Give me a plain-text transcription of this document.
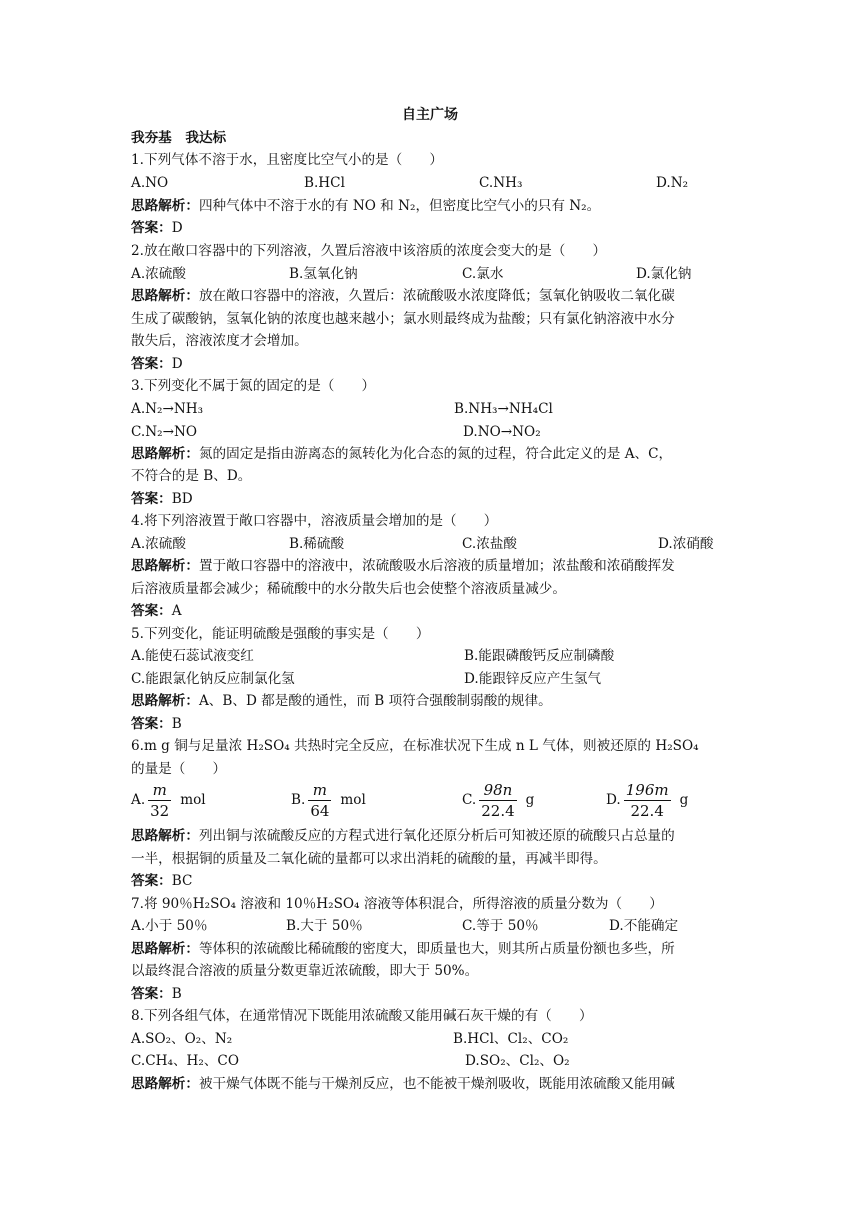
自主广场
我夯基　我达标
1.下列气体不溶于水，且密度比空气小的是（　　）
A.NO	B.HCl	C.NH₃	D.N₂
思路解析：四种气体中不溶于水的有 NO 和 N₂，但密度比空气小的只有 N₂。
答案：D
2.放在敞口容器中的下列溶液，久置后溶液中该溶质的浓度会变大的是（　　）
A.浓硫酸	B.氢氧化钠	C.氯水	D.氯化钠
思路解析：放在敞口容器中的溶液，久置后：浓硫酸吸水浓度降低；氢氧化钠吸收二氧化碳
生成了碳酸钠，氢氧化钠的浓度也越来越小；氯水则最终成为盐酸；只有氯化钠溶液中水分
散失后，溶液浓度才会增加。
答案：D
3.下列变化不属于氮的固定的是（　　）
A.N₂→NH₃	B.NH₃→NH₄Cl
C.N₂→NO	D.NO→NO₂
思路解析：氮的固定是指由游离态的氮转化为化合态的氮的过程，符合此定义的是 A、C，
不符合的是 B、D。
答案：BD
4.将下列溶液置于敞口容器中，溶液质量会增加的是（　　）
A.浓硫酸	B.稀硫酸	C.浓盐酸	D.浓硝酸
思路解析：置于敞口容器中的溶液中，浓硫酸吸水后溶液的质量增加；浓盐酸和浓硝酸挥发
后溶液质量都会减少；稀硫酸中的水分散失后也会使整个溶液质量减少。
答案：A
5.下列变化，能证明硫酸是强酸的事实是（　　）
A.能使石蕊试液变红	B.能跟磷酸钙反应制磷酸
C.能跟氯化钠反应制氯化氢	D.能跟锌反应产生氢气
思路解析：A、B、D 都是酸的通性，而 B 项符合强酸制弱酸的规律。
答案：B
6.m g 铜与足量浓 H₂SO₄ 共热时完全反应，在标准状况下生成 n L 气体，则被还原的 H₂SO₄
的量是（　　）
A. $\frac{m}{32}$ mol	B. $\frac{m}{64}$ mol	C. $\frac{98n}{22.4}$ g	D. $\frac{196m}{22.4}$ g
思路解析：列出铜与浓硫酸反应的方程式进行氧化还原分析后可知被还原的硫酸只占总量的
一半，根据铜的质量及二氧化硫的量都可以求出消耗的硫酸的量，再减半即得。
答案：BC
7.将 90％H₂SO₄ 溶液和 10％H₂SO₄ 溶液等体积混合，所得溶液的质量分数为（　　）
A.小于 50％	B.大于 50％	C.等于 50％	D.不能确定
思路解析：等体积的浓硫酸比稀硫酸的密度大，即质量也大，则其所占质量份额也多些，所
以最终混合溶液的质量分数更靠近浓硫酸，即大于 50%。
答案：B
8.下列各组气体，在通常情况下既能用浓硫酸又能用碱石灰干燥的有（　　）
A.SO₂、O₂、N₂	B.HCl、Cl₂、CO₂
C.CH₄、H₂、CO	D.SO₂、Cl₂、O₂
思路解析：被干燥气体既不能与干燥剂反应，也不能被干燥剂吸收，既能用浓硫酸又能用碱
